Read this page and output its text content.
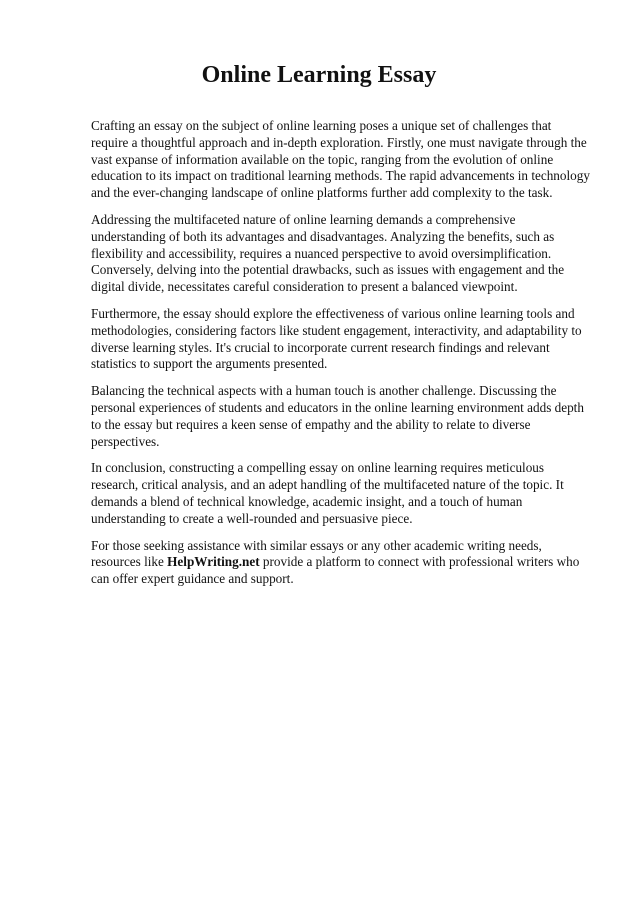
Online Learning Essay

Crafting an essay on the subject of online learning poses a unique set of challenges that require a thoughtful approach and in-depth exploration. Firstly, one must navigate through the vast expanse of information available on the topic, ranging from the evolution of online education to its impact on traditional learning methods. The rapid advancements in technology and the ever-changing landscape of online platforms further add complexity to the task.

Addressing the multifaceted nature of online learning demands a comprehensive understanding of both its advantages and disadvantages. Analyzing the benefits, such as flexibility and accessibility, requires a nuanced perspective to avoid oversimplification. Conversely, delving into the potential drawbacks, such as issues with engagement and the digital divide, necessitates careful consideration to present a balanced viewpoint.

Furthermore, the essay should explore the effectiveness of various online learning tools and methodologies, considering factors like student engagement, interactivity, and adaptability to diverse learning styles. It's crucial to incorporate current research findings and relevant statistics to support the arguments presented.

Balancing the technical aspects with a human touch is another challenge. Discussing the personal experiences of students and educators in the online learning environment adds depth to the essay but requires a keen sense of empathy and the ability to relate to diverse perspectives.

In conclusion, constructing a compelling essay on online learning requires meticulous research, critical analysis, and an adept handling of the multifaceted nature of the topic. It demands a blend of technical knowledge, academic insight, and a touch of human understanding to create a well-rounded and persuasive piece.

For those seeking assistance with similar essays or any other academic writing needs, resources like HelpWriting.net provide a platform to connect with professional writers who can offer expert guidance and support.
